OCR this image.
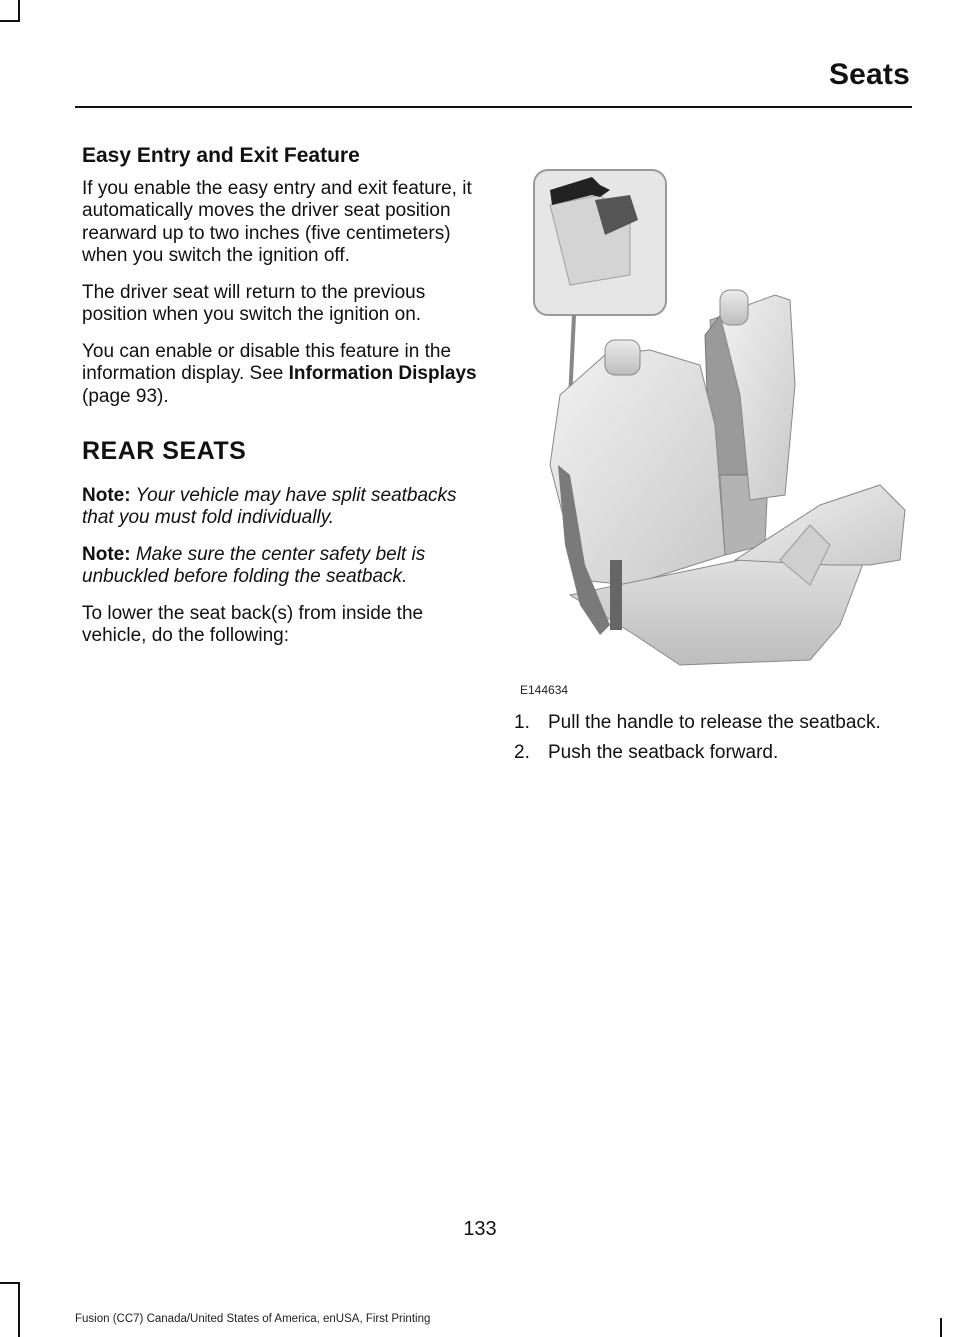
Seats
Easy Entry and Exit Feature

If you enable the easy entry and exit feature, it automatically moves the driver seat position rearward up to two inches (five centimeters) when you switch the ignition off.

The driver seat will return to the previous position when you switch the ignition on.

You can enable or disable this feature in the information display. See Information Displays (page 93).

REAR SEATS

Note: Your vehicle may have split seatbacks that you must fold individually.

Note: Make sure the center safety belt is unbuckled before folding the seatback.

To lower the seat back(s) from inside the vehicle, do the following:

E144634
1. Pull the handle to release the seatback.
2. Push the seatback forward.
133
Fusion (CC7) Canada/United States of America, enUSA, First Printing
